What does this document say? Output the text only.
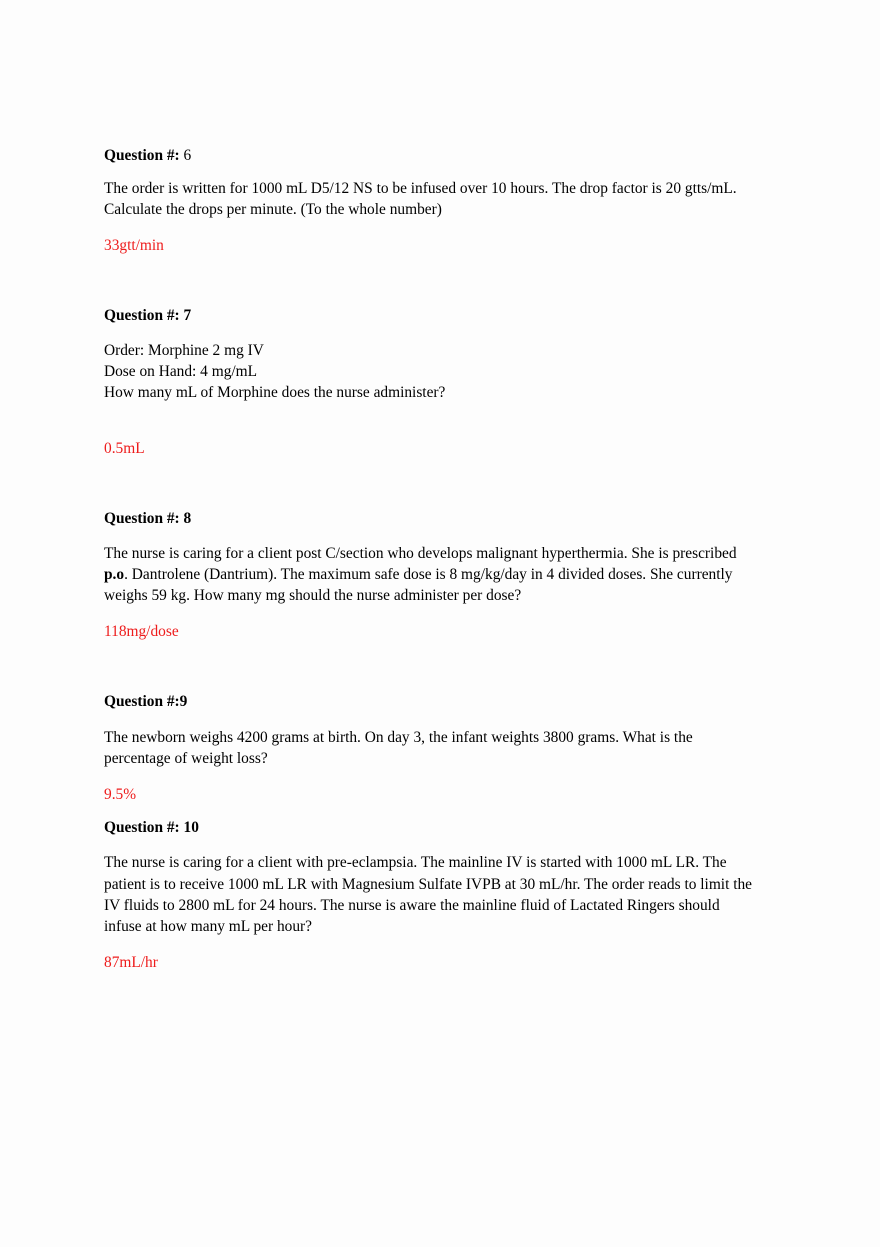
Question #: 6
The order is written for 1000 mL D5/12 NS to be infused over 10 hours. The drop factor is 20 gtts/mL.
Calculate the drops per minute. (To the whole number)
33gtt/min
Question #: 7
Order: Morphine 2 mg IV
Dose on Hand: 4 mg/mL
How many mL of Morphine does the nurse administer?
0.5mL
Question #: 8
The nurse is caring for a client post C/section who develops malignant hyperthermia. She is prescribed
p.o. Dantrolene (Dantrium). The maximum safe dose is 8 mg/kg/day in 4 divided doses. She currently
weighs 59 kg. How many mg should the nurse administer per dose?
118mg/dose
Question #:9
The newborn weighs 4200 grams at birth. On day 3, the infant weights 3800 grams. What is the
percentage of weight loss?
9.5%
Question #: 10
The nurse is caring for a client with pre-eclampsia. The mainline IV is started with 1000 mL LR. The
patient is to receive 1000 mL LR with Magnesium Sulfate IVPB at 30 mL/hr. The order reads to limit the
IV fluids to 2800 mL for 24 hours. The nurse is aware the mainline fluid of Lactated Ringers should
infuse at how many mL per hour?
87mL/hr
